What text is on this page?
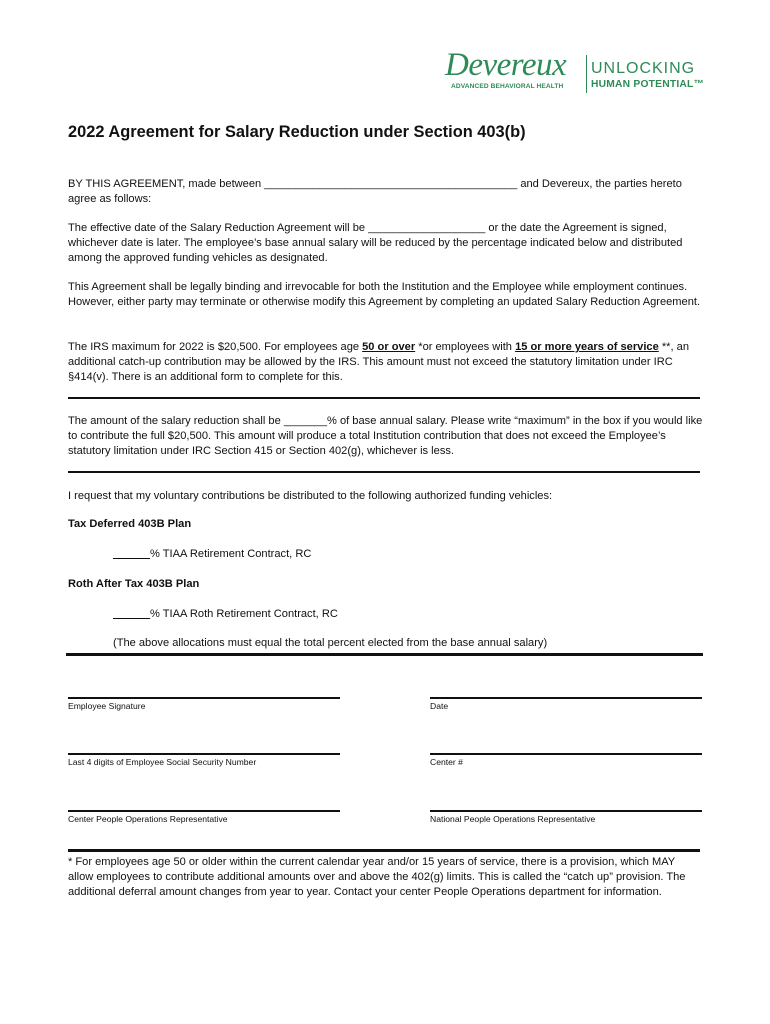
Devereux
ADVANCED BEHAVIORAL HEALTH
UNLOCKING
HUMAN POTENTIAL™
2022 Agreement for Salary Reduction under Section 403(b)
BY THIS AGREEMENT, made between _________________________________________ and Devereux, the parties hereto agree as follows:
The effective date of the Salary Reduction Agreement will be ___________________ or the date the Agreement is signed, whichever date is later. The employee’s base annual salary will be reduced by the percentage indicated below and distributed among the approved funding vehicles as designated.
This Agreement shall be legally binding and irrevocable for both the Institution and the Employee while employment continues. However, either party may terminate or otherwise modify this Agreement by completing an updated Salary Reduction Agreement.
The IRS maximum for 2022 is $20,500. For employees age 50 or over *or employees with 15 or more years of service **, an additional catch-up contribution may be allowed by the IRS. This amount must not exceed the statutory limitation under IRC §414(v). There is an additional form to complete for this.
The amount of the salary reduction shall be _______% of base annual salary. Please write “maximum” in the box if you would like to contribute the full $20,500. This amount will produce a total Institution contribution that does not exceed the Employee’s statutory limitation under IRC Section 415 or Section 402(g), whichever is less.
I request that my voluntary contributions be distributed to the following authorized funding vehicles:
Tax Deferred 403B Plan
______% TIAA Retirement Contract, RC
Roth After Tax 403B Plan
______% TIAA Roth Retirement Contract, RC
(The above allocations must equal the total percent elected from the base annual salary)
Employee Signature	Date
Last 4 digits of Employee Social Security Number	Center #
Center People Operations Representative	National People Operations Representative
* For employees age 50 or older within the current calendar year and/or 15 years of service, there is a provision, which MAY allow employees to contribute additional amounts over and above the 402(g) limits. This is called the “catch up” provision. The additional deferral amount changes from year to year. Contact your center People Operations department for information.
